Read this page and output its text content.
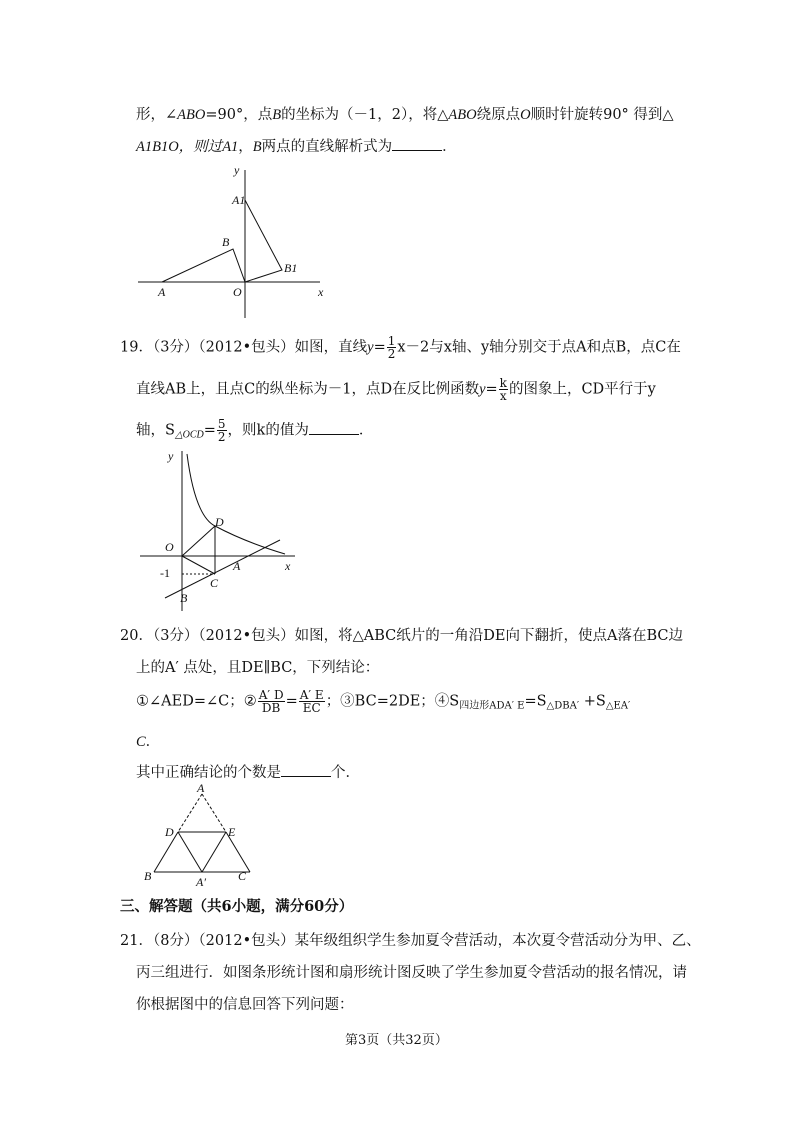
形，∠ABO=90°，点B的坐标为（－1，2），将△ABO绕原点O顺时针旋转90° 得到△
A1B1O，则过A1，B两点的直线解析式为	．
y
x
A1
B
B1
A	O
19．（3分）（2012•包头）如图，直线$y= \frac{1}{2} x-2$与x轴、y轴分别交于点A和点B，点C在
直线AB上，且点C的纵坐标为－1，点D在反比例函数$y= \frac{k}{x}$ 的图象上，CD平行于y
轴，$S_{\triangle OCD}= \frac{5}{2}$ ，则k的值为	．
y
x
D
O
-1
C
A
B
20．（3分）（2012•包头）如图，将△ABC纸片的一角沿DE向下翻折，使点A落在BC边
上的A′ 点处，且DE∥BC，下列结论：
①∠AED=∠C；② $\frac{A' D}{DB} = \frac{A' E}{EC}$ ；③BC=2DE；$④S_{四边形ADA' E}=S_{\triangle DBA'} +S_{\triangle EA'}$
C．
其中正确结论的个数是	个．
A
D	E
B	A′	C
三、解答题（共6小题，满分60分）
21．（8分）（2012•包头）某年级组织学生参加夏令营活动，本次夏令营活动分为甲、乙、
丙三组进行．如图条形统计图和扇形统计图反映了学生参加夏令营活动的报名情况，请
你根据图中的信息回答下列问题：
第3页（共32页）
